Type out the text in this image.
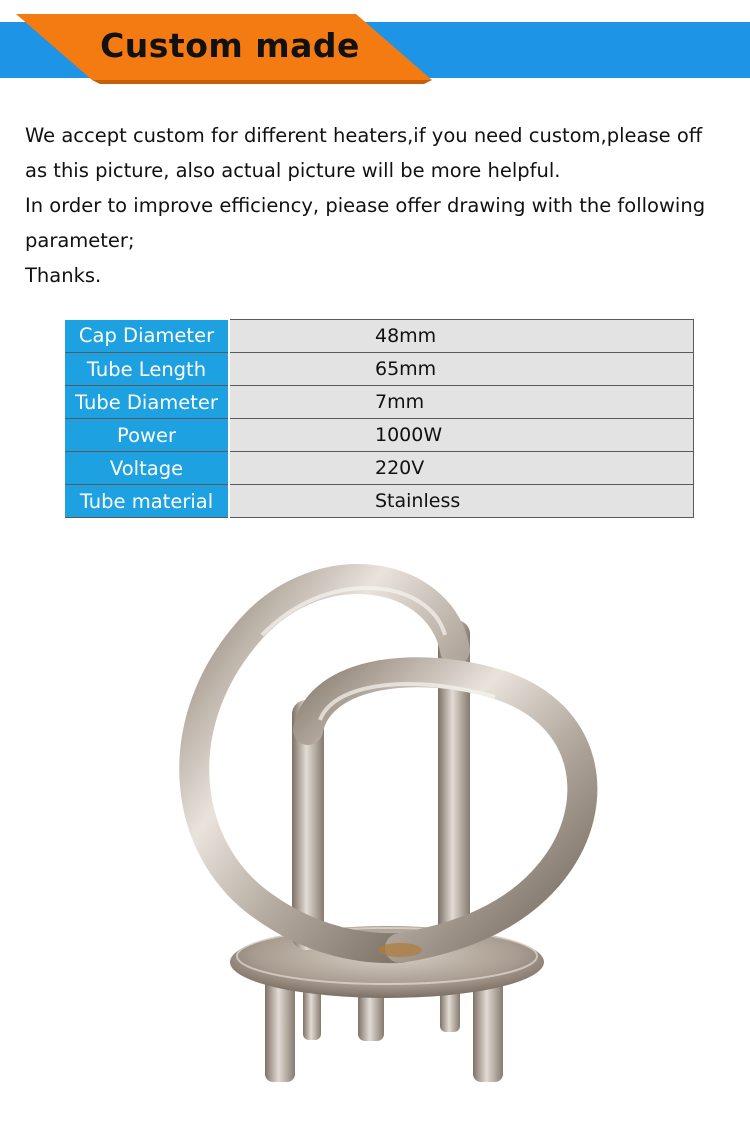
Custom made
We accept custom for different heaters,if you need custom,please off
as this picture, also actual picture will be more helpful.
In order to improve efficiency, piease offer drawing with the following
parameter;
Thanks.
Cap Diameter	48mm
Tube Length	65mm
Tube Diameter	7mm
Power	1000W
Voltage	220V
Tube material	Stainless
